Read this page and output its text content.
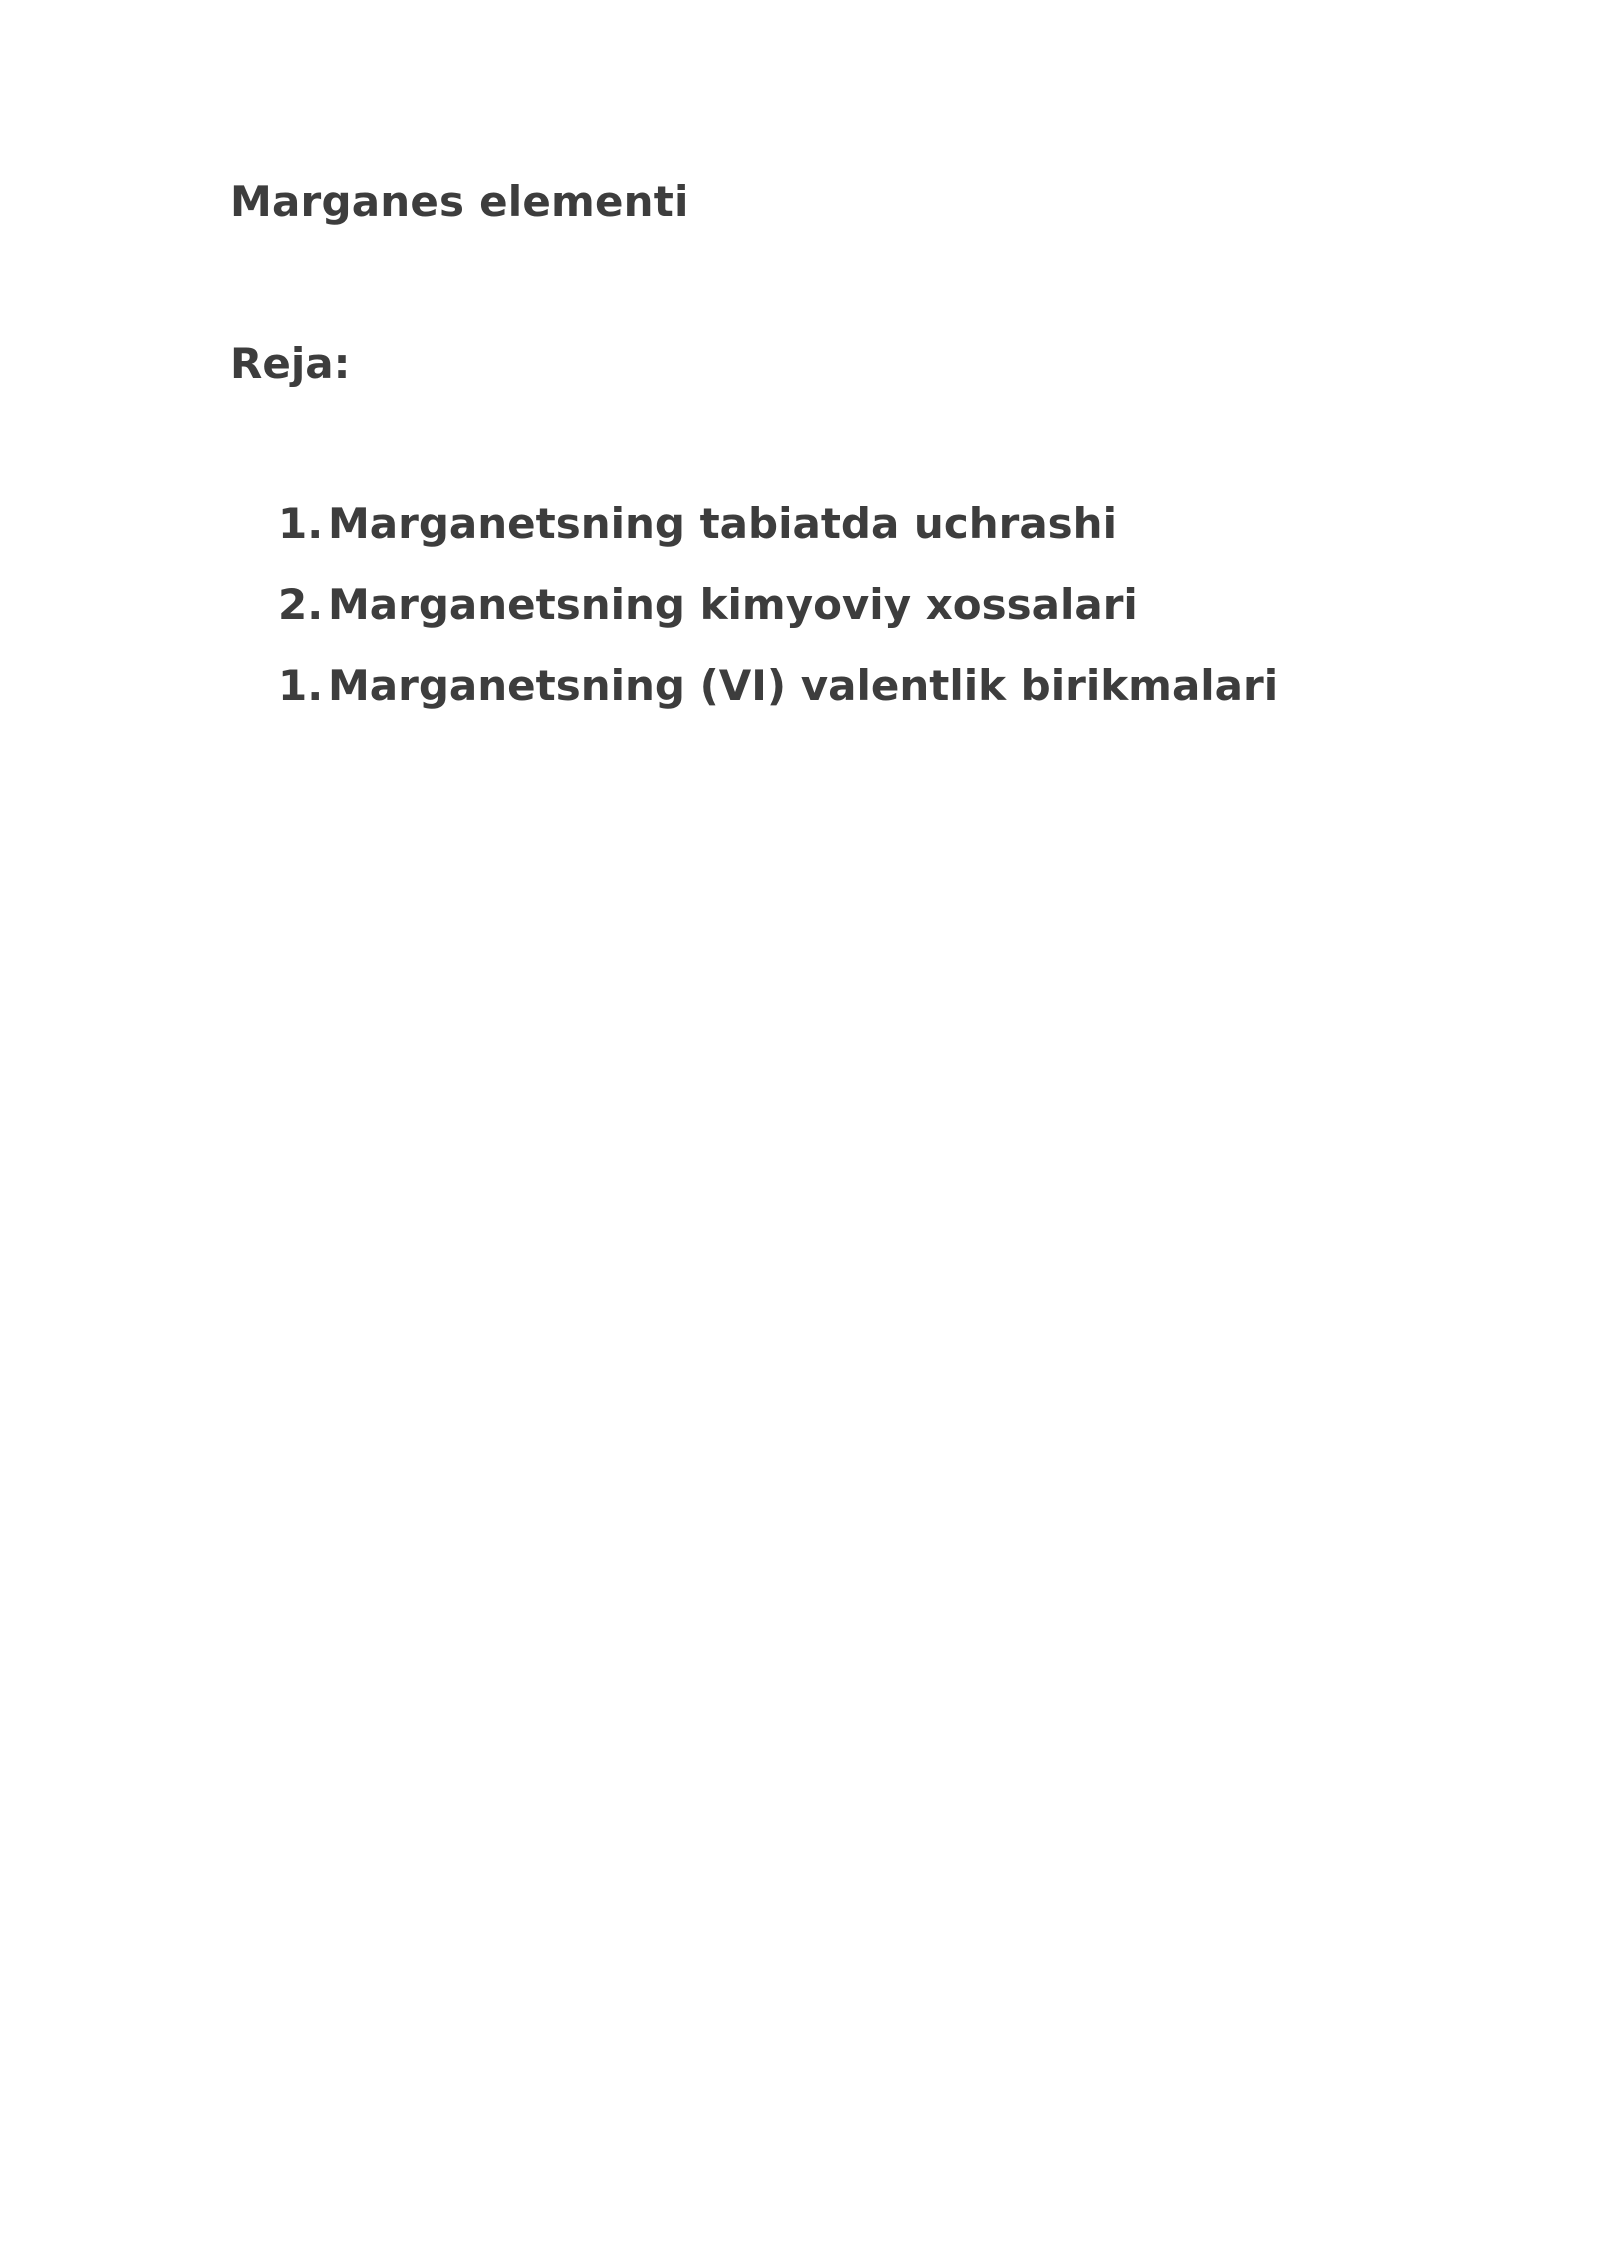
Marganes elementi
Reja:
1. Marganetsning tabiatda uchrashi
2. Marganetsning kimyoviy xossalari
1. Marganetsning (VI) valentlik birikmalari
